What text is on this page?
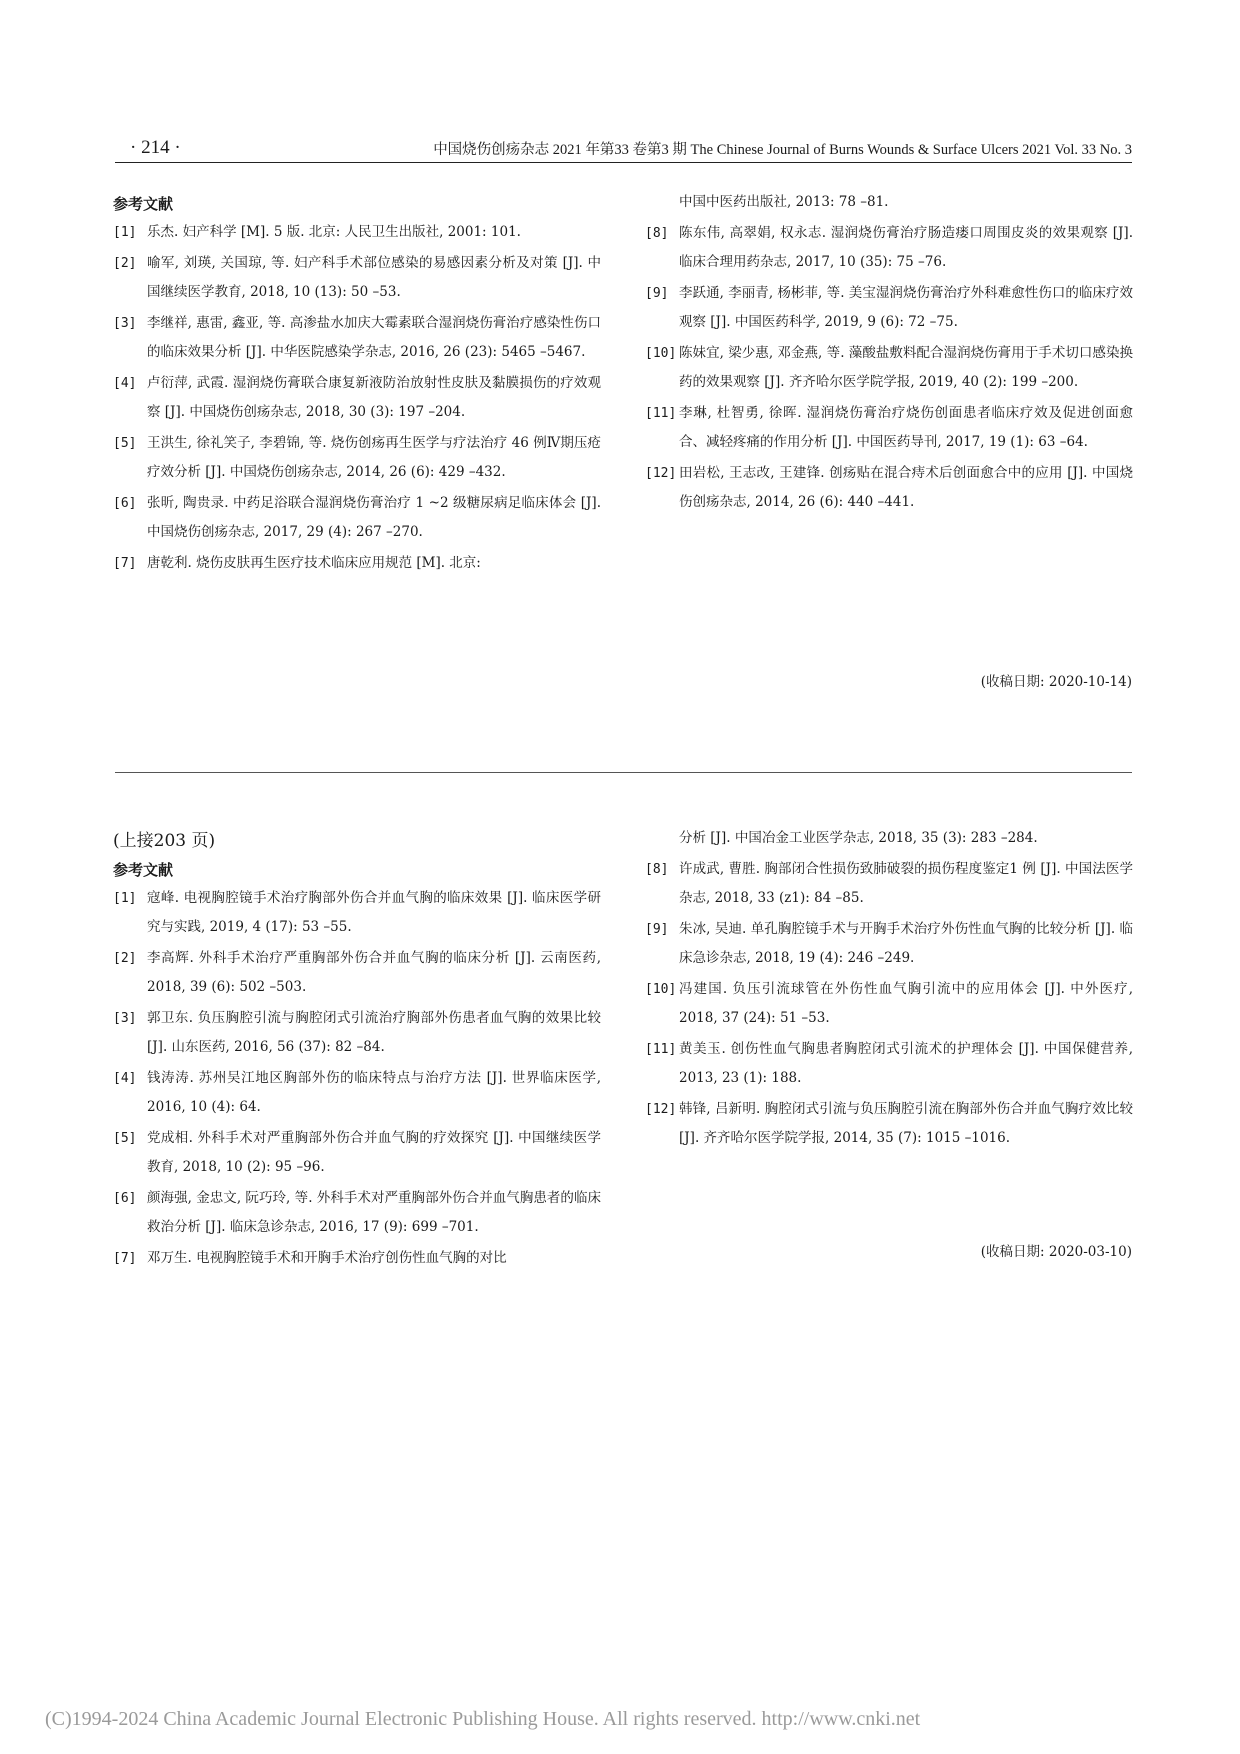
· 214 ·	中国烧伤创疡杂志 2021 年第33 卷第3 期 The Chinese Journal of Burns Wounds & Surface Ulcers 2021 Vol. 33 No. 3
参考文献
[1] 乐杰. 妇产科学 [M]. 5 版. 北京: 人民卫生出版社, 2001: 101.
[2] 喻军, 刘瑛, 关国琼, 等. 妇产科手术部位感染的易感因素分析及对策 [J]. 中国继续医学教育, 2018, 10 (13): 50 –53.
[3] 李继祥, 惠雷, 鑫亚, 等. 高渗盐水加庆大霉素联合湿润烧伤膏治疗感染性伤口的临床效果分析 [J]. 中华医院感染学杂志, 2016, 26 (23): 5465 –5467.
[4] 卢衍萍, 武霞. 湿润烧伤膏联合康复新液防治放射性皮肤及黏膜损伤的疗效观察 [J]. 中国烧伤创疡杂志, 2018, 30 (3): 197 –204.
[5] 王洪生, 徐礼笑子, 李碧锦, 等. 烧伤创疡再生医学与疗法治疗 46 例Ⅳ期压疮疗效分析 [J]. 中国烧伤创疡杂志, 2014, 26 (6): 429 –432.
[6] 张昕, 陶贵录. 中药足浴联合湿润烧伤膏治疗 1 ~2 级糖尿病足临床体会 [J]. 中国烧伤创疡杂志, 2017, 29 (4): 267 –270.
[7] 唐乾利. 烧伤皮肤再生医疗技术临床应用规范 [M]. 北京:
中国中医药出版社, 2013: 78 –81.
[8] 陈东伟, 高翠娟, 权永志. 湿润烧伤膏治疗肠造瘘口周围皮炎的效果观察 [J]. 临床合理用药杂志, 2017, 10 (35): 75 –76.
[9] 李跃通, 李丽青, 杨彬菲, 等. 美宝湿润烧伤膏治疗外科难愈性伤口的临床疗效观察 [J]. 中国医药科学, 2019, 9 (6): 72 –75.
[10] 陈妹宜, 梁少惠, 邓金燕, 等. 藻酸盐敷料配合湿润烧伤膏用于手术切口感染换药的效果观察 [J]. 齐齐哈尔医学院学报, 2019, 40 (2): 199 –200.
[11] 李琳, 杜智勇, 徐晖. 湿润烧伤膏治疗烧伤创面患者临床疗效及促进创面愈合、减轻疼痛的作用分析 [J]. 中国医药导刊, 2017, 19 (1): 63 –64.
[12] 田岩松, 王志改, 王建锋. 创疡贴在混合痔术后创面愈合中的应用 [J]. 中国烧伤创疡杂志, 2014, 26 (6): 440 –441.
(收稿日期: 2020-10-14)
(上接203 页)
参考文献
[1] 寇峰. 电视胸腔镜手术治疗胸部外伤合并血气胸的临床效果 [J]. 临床医学研究与实践, 2019, 4 (17): 53 –55.
[2] 李高辉. 外科手术治疗严重胸部外伤合并血气胸的临床分析 [J]. 云南医药, 2018, 39 (6): 502 –503.
[3] 郭卫东. 负压胸腔引流与胸腔闭式引流治疗胸部外伤患者血气胸的效果比较 [J]. 山东医药, 2016, 56 (37): 82 –84.
[4] 钱涛涛. 苏州吴江地区胸部外伤的临床特点与治疗方法 [J]. 世界临床医学, 2016, 10 (4): 64.
[5] 党成相. 外科手术对严重胸部外伤合并血气胸的疗效探究 [J]. 中国继续医学教育, 2018, 10 (2): 95 –96.
[6] 颜海强, 金忠文, 阮巧玲, 等. 外科手术对严重胸部外伤合并血气胸患者的临床救治分析 [J]. 临床急诊杂志, 2016, 17 (9): 699 –701.
[7] 邓万生. 电视胸腔镜手术和开胸手术治疗创伤性血气胸的对比
分析 [J]. 中国冶金工业医学杂志, 2018, 35 (3): 283 –284.
[8] 许成武, 曹胜. 胸部闭合性损伤致肺破裂的损伤程度鉴定1 例 [J]. 中国法医学杂志, 2018, 33 (z1): 84 –85.
[9] 朱冰, 吴迪. 单孔胸腔镜手术与开胸手术治疗外伤性血气胸的比较分析 [J]. 临床急诊杂志, 2018, 19 (4): 246 –249.
[10] 冯建国. 负压引流球管在外伤性血气胸引流中的应用体会 [J]. 中外医疗, 2018, 37 (24): 51 –53.
[11] 黄美玉. 创伤性血气胸患者胸腔闭式引流术的护理体会 [J]. 中国保健营养, 2013, 23 (1): 188.
[12] 韩锋, 吕新明. 胸腔闭式引流与负压胸腔引流在胸部外伤合并血气胸疗效比较 [J]. 齐齐哈尔医学院学报, 2014, 35 (7): 1015 –1016.
(收稿日期: 2020-03-10)
(C)1994-2024 China Academic Journal Electronic Publishing House. All rights reserved. http://www.cnki.net
